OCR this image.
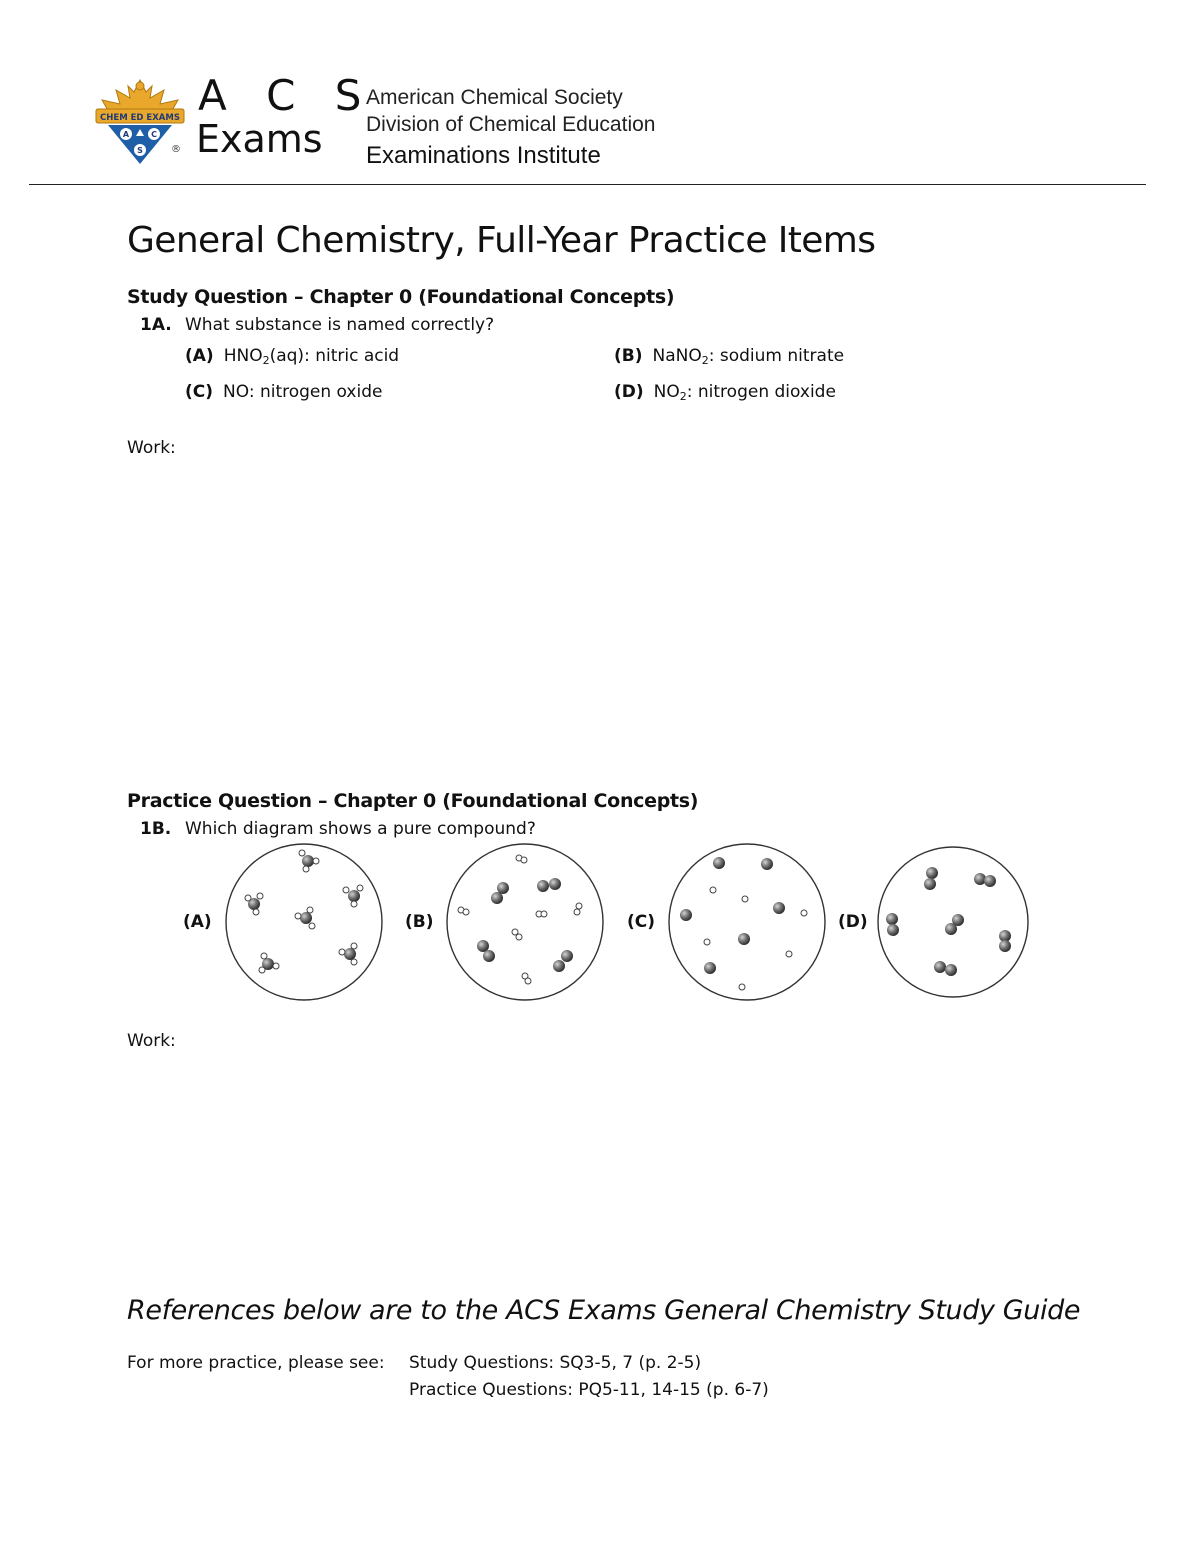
CHEM ED EXAMS
A	C
S	®
A C S
Exams
American Chemical Society
Division of Chemical Education
Examinations Institute
General Chemistry, Full-Year Practice Items
Study Question – Chapter 0 (Foundational Concepts)
1A. What substance is named correctly?
(A) $HNO_2(aq)$: nitric acid	(B) NaNO$_2$: sodium nitrate
(C) NO: nitrogen oxide	(D) $NO_2$: nitrogen dioxide
Work:
Practice Question – Chapter 0 (Foundational Concepts)
1B. Which diagram shows a pure compound?
(A)	(B)	(C)	(D)
Work:
References below are to the ACS Exams General Chemistry Study Guide
For more practice, please see: Study Questions: SQ3-5, 7 (p. 2-5)
Practice Questions: PQ5-11, 14-15 (p. 6-7)
